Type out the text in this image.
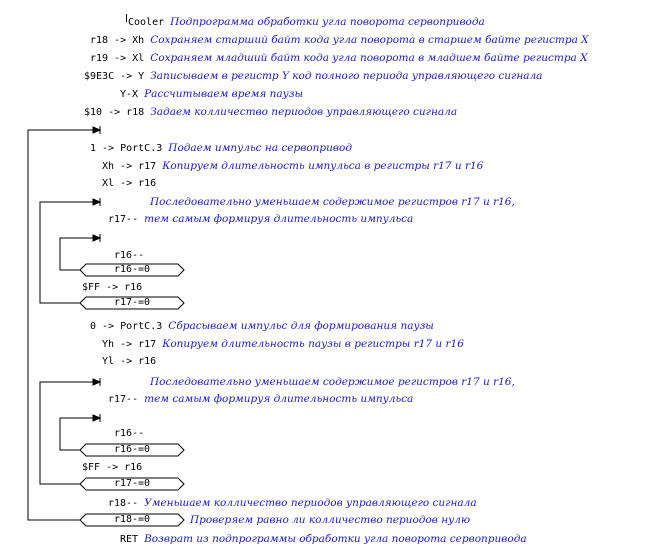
Cooler Подпрограмма обработки угла поворота сервопривода
r18 -> Xh Сохраняем старший байт кода угла поворота в старшем байте регистра X
r19 -> Xl Сохраняем младший байт кода угла поворота в младшем байте регистра X
$9E3C -> Y Записываем в регистр Y код полного периода управляющего сигнала
Y-X Рассчитываем время паузы
$10 -> r18 Задаем колличество периодов управляющего сигнала
1 -> PortC.3 Подаем импульс на сервопривод
Xh -> r17 Копируем длительность импульса в регистры r17 и r16
Xl -> r16
Последовательно уменьшаем содержимое регистров r17 и r16,
r17-- тем самым формируя длительность импульса
r16--
r16-=0
$FF -> r16
r17-=0
0 -> PortC.3 Сбрасываем импульс для формирования паузы
Yh -> r17 Копируем длительность паузы в регистры r17 и r16
Yl -> r16
Последовательно уменьшаем содержимое регистров r17 и r16,
r17-- тем самым формируя длительность импульса
r16--
r16-=0
$FF -> r16
r17-=0
r18-- Уменьшаем колличество периодов управляющего сигнала
r18-=0	Проверяем равно ли колличество периодов нулю
RET Возврат из подпрограммы обработки угла поворота сервопривода
